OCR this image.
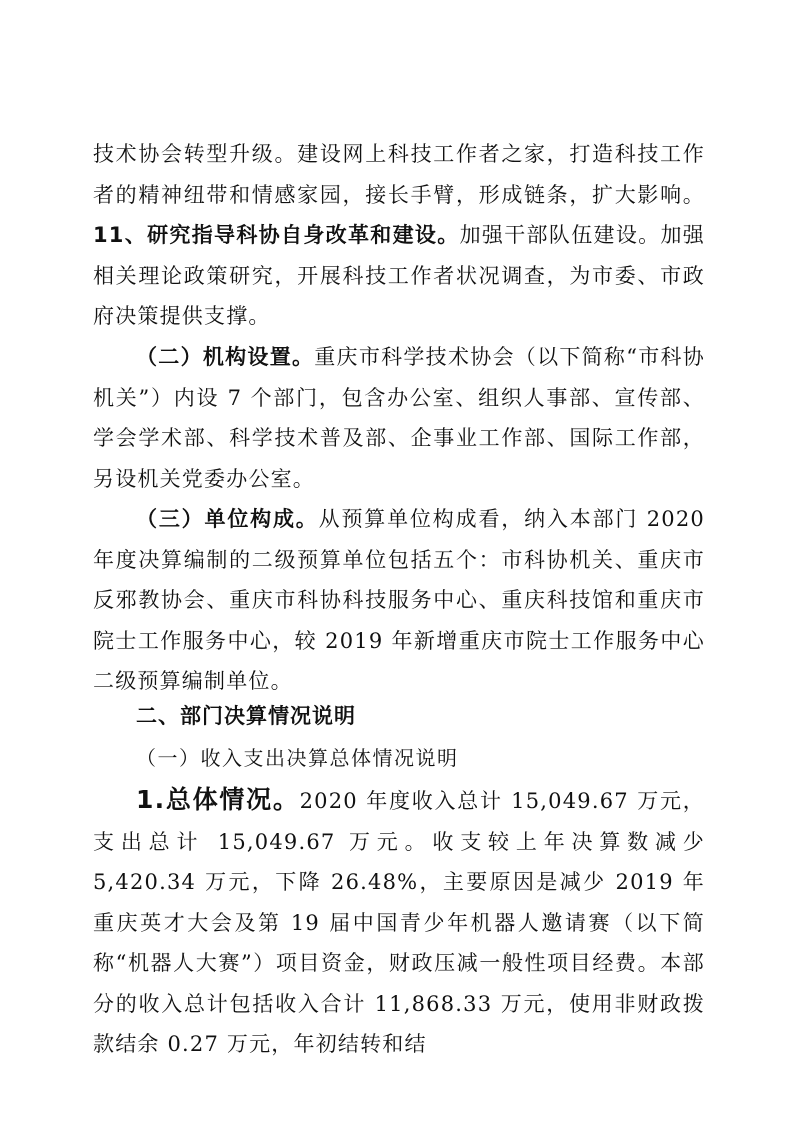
技术协会转型升级。建设网上科技工作者之家，打造科技工作者的精神纽带和情感家园，接长手臂，形成链条，扩大影响。11、研究指导科协自身改革和建设。加强干部队伍建设。加强相关理论政策研究，开展科技工作者状况调查，为市委、市政府决策提供支撑。

（二）机构设置。重庆市科学技术协会（以下简称“市科协机关”）内设 7 个部门，包含办公室、组织人事部、宣传部、学会学术部、科学技术普及部、企事业工作部、国际工作部，另设机关党委办公室。

（三）单位构成。从预算单位构成看，纳入本部门 2020 年度决算编制的二级预算单位包括五个：市科协机关、重庆市反邪教协会、重庆市科协科技服务中心、重庆科技馆和重庆市院士工作服务中心，较 2019 年新增重庆市院士工作服务中心二级预算编制单位。

二、部门决算情况说明
（一）收入支出决算总体情况说明

1.总体情况。2020 年度收入总计 15,049.67 万元，支出总计 15,049.67 万元。收支较上年决算数减少 5,420.34 万元，下降 26.48%，主要原因是减少 2019 年重庆英才大会及第 19 届中国青少年机器人邀请赛（以下简称“机器人大赛”）项目资金，财政压减一般性项目经费。本部分的收入总计包括收入合计 11,868.33 万元，使用非财政拨款结余 0.27 万元，年初结转和结
